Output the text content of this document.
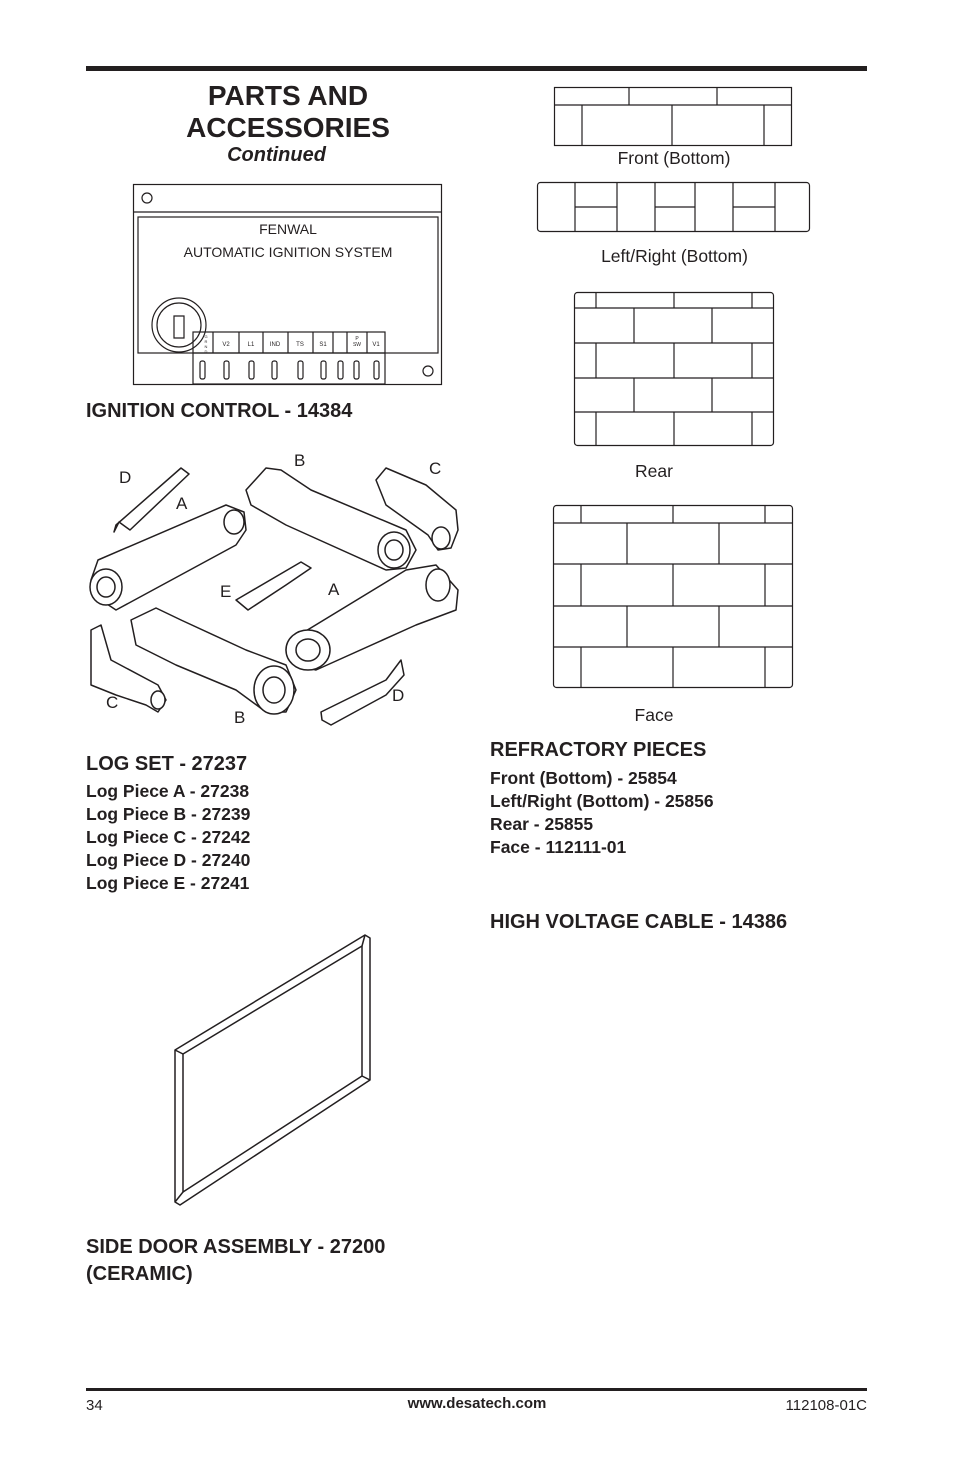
PARTS AND
ACCESSORIES
Continued
V2	L1	IND	TS	S1	V1
G
R
N
D
P
SW
FENWAL
AUTOMATIC IGNITION SYSTEM
IGNITION CONTROL - 14384
D
A
B	C
E	A
C
B
D
LOG SET - 27237
Log Piece A - 27238
Log Piece B - 27239
Log Piece C - 27242
Log Piece D - 27240
Log Piece E - 27241
SIDE DOOR ASSEMBLY - 27200
(CERAMIC)
Front (Bottom)
Left/Right (Bottom)
Rear
Face
REFRACTORY PIECES
Front (Bottom) - 25854
Left/Right (Bottom) - 25856
Rear - 25855
Face - 112111-01
HIGH VOLTAGE CABLE - 14386
34	www.desatech.com	112108-01C
